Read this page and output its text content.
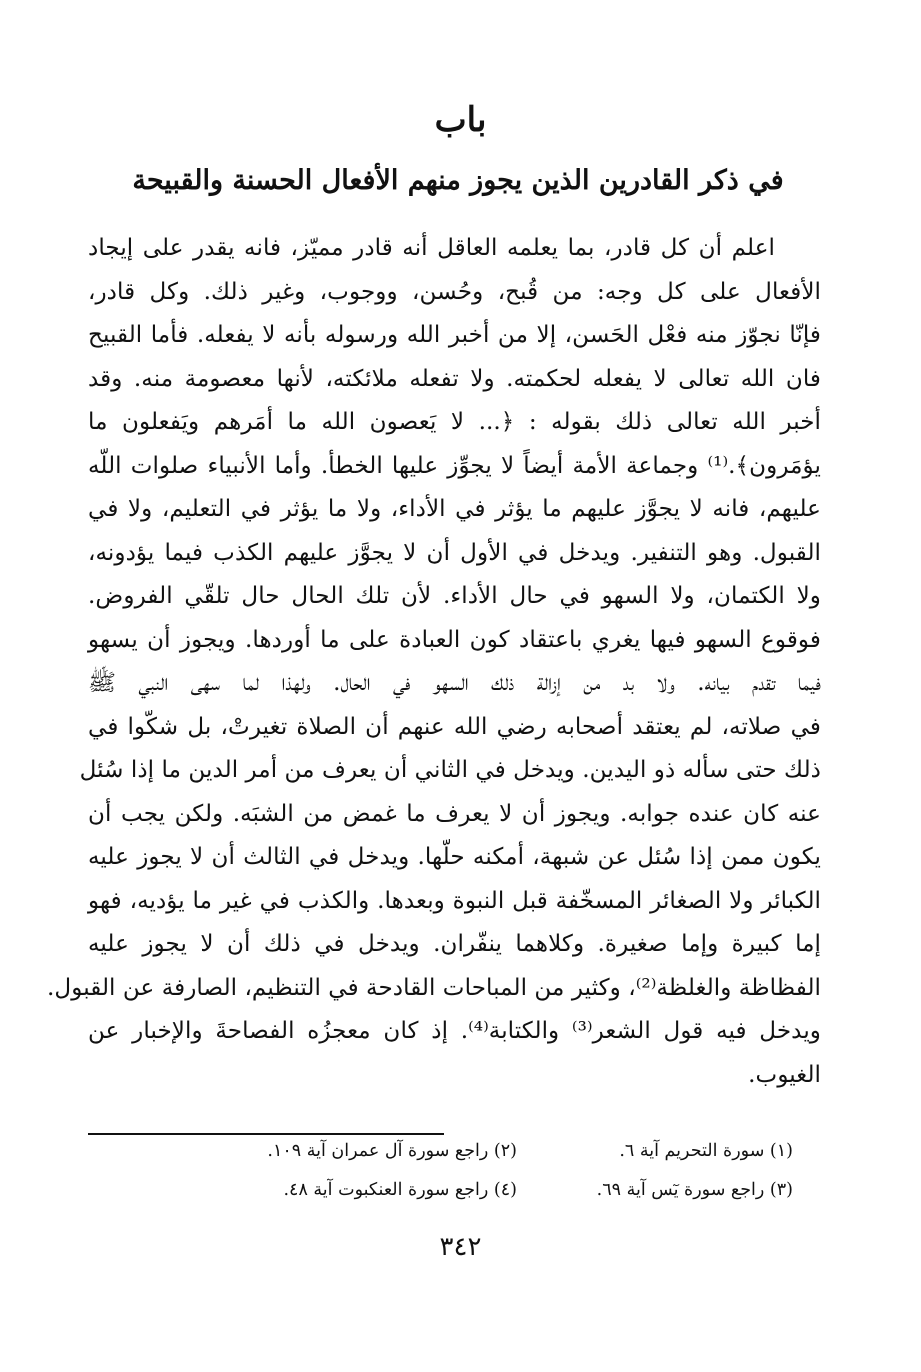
باب
في ذكر القادرين الذين يجوز منهم الأفعال الحسنة والقبيحة
اعلم أن كل قادر، بما يعلمه العاقل أنه قادر مميّز، فانه يقدر على إيجاد
الأفعال على كل وجه: من قُبح، وحُسن، ووجوب، وغير ذلك. وكل قادر،
فإنّا نجوّز منه فعْل الحَسن، إلا من أخبر الله ورسوله بأنه لا يفعله. فأما القبيح
فان الله تعالى لا يفعله لحكمته. ولا تفعله ملائكته، لأنها معصومة منه. وقد
أخبر الله تعالى ذلك بقوله : ﴿... لا يَعصون الله ما أمَرهم ويَفعلون ما
يؤمَرون﴾.⁽¹⁾ وجماعة الأمة أيضاً لا يجوِّز عليها الخطأ. وأما الأنبياء صلوات اللّه
عليهم، فانه لا يجوَّز عليهم ما يؤثر في الأداء، ولا ما يؤثر في التعليم، ولا في
القبول. وهو التنفير. ويدخل في الأول أن لا يجوَّز عليهم الكذب فيما يؤدونه،
ولا الكتمان، ولا السهو في حال الأداء. لأن تلك الحال حال تلقّي الفروض.
فوقوع السهو فيها يغري باعتقاد كون العبادة على ما أوردها. ويجوز أن يسهو
فيما تقدم بيانه. ولا بد من إزالة ذلك السهو في الحال. ولهذا لما سهى النبي ﷺ
في صلاته، لم يعتقد أصحابه رضي الله عنهم أن الصلاة تغيرتْ، بل شكّوا في
ذلك حتى سأله ذو اليدين. ويدخل في الثاني أن يعرف من أمر الدين ما إذا سُئل
عنه كان عنده جوابه. ويجوز أن لا يعرف ما غمض من الشبَه. ولكن يجب أن
يكون ممن إذا سُئل عن شبهة، أمكنه حلّها. ويدخل في الثالث أن لا يجوز عليه
الكبائر ولا الصغائر المسخّفة قبل النبوة وبعدها. والكذب في غير ما يؤديه، فهو
إما كبيرة وإما صغيرة. وكلاهما ينفّران. ويدخل في ذلك أن لا يجوز عليه
الفظاظة والغلظة⁽²⁾، وكثير من المباحات القادحة في التنظيم، الصارفة عن القبول.
ويدخل فيه قول الشعر⁽³⁾ والكتابة⁽⁴⁾. إذ كان معجزُه الفصاحةَ والإخبار عن
الغيوب.
(١) سورة التحريم آية ٦.
(٢) راجع سورة آل عمران آية ١٠٩.
(٣) راجع سورة يٓس آية ٦٩.
(٤) راجع سورة العنكبوت آية ٤٨.
٣٤٢
